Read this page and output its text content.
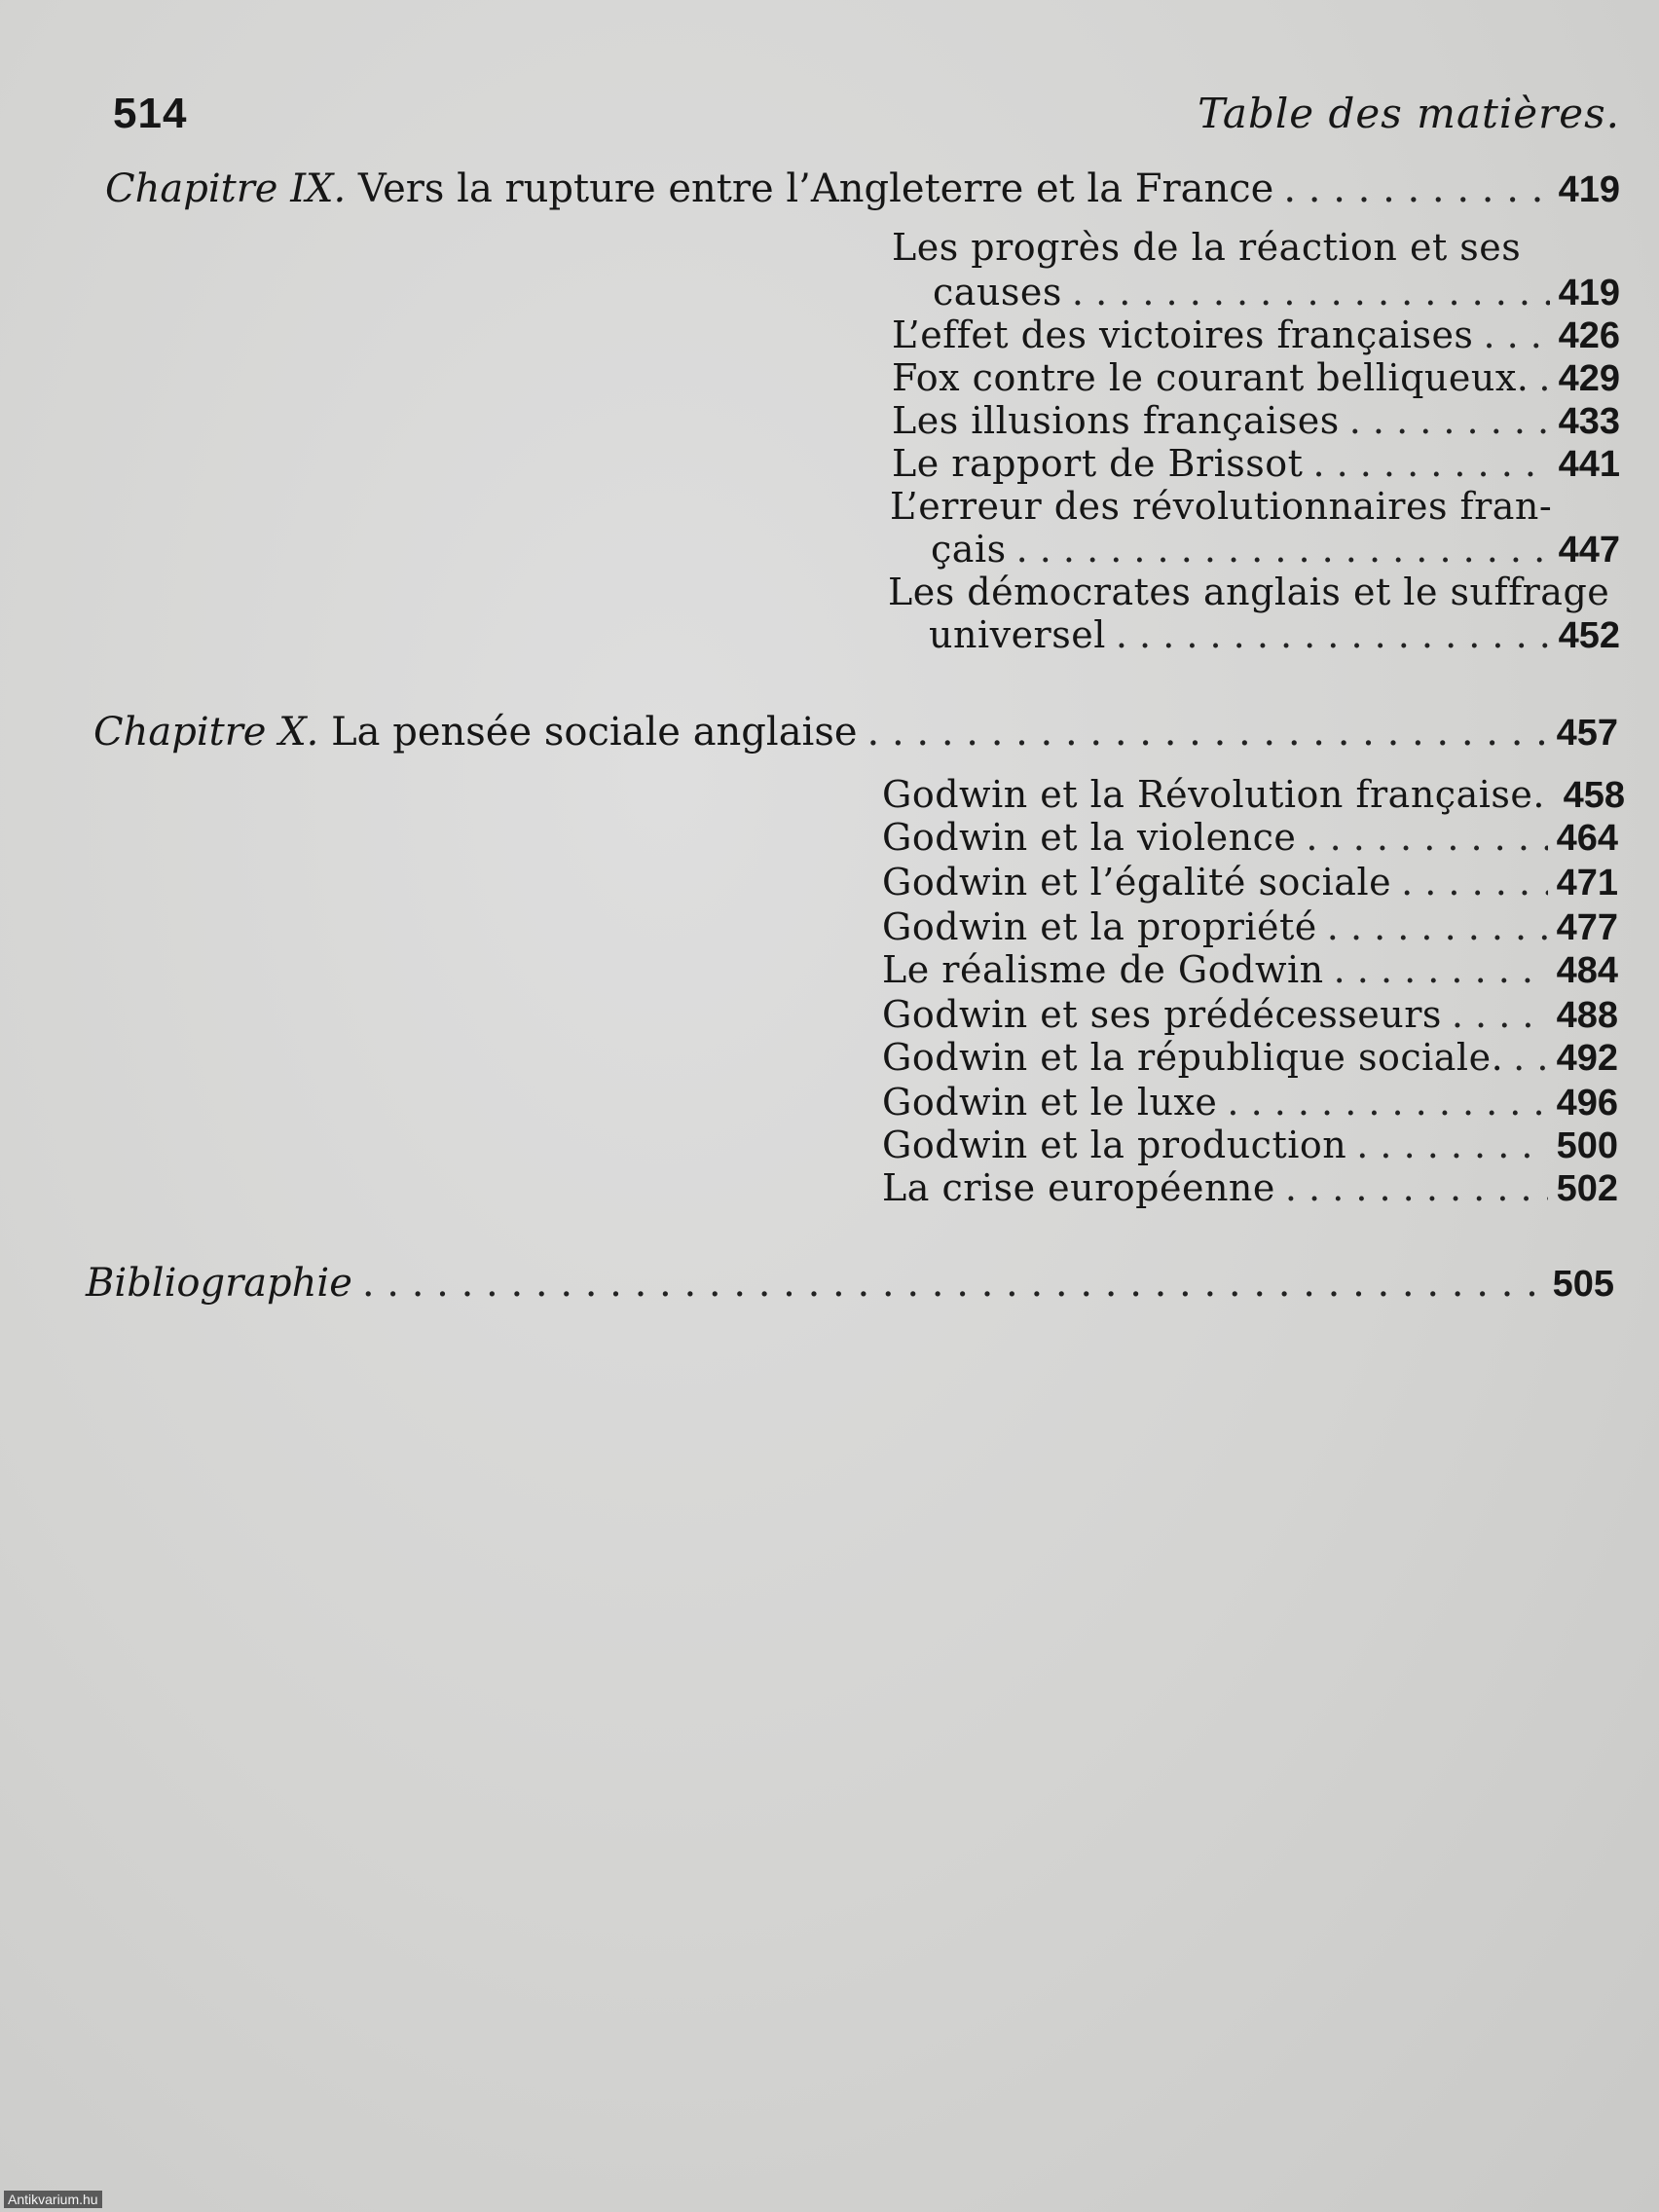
514	Table des matières.
Chapitre IX. Vers la rupture entre l’Angleterre et la France . . .	419
Les progrès de la réaction et ses
causes . . .	419
L’effet des victoires françaises . . . 426
Fox contre le courant belliqueux. . . . 429
Les illusions françaises . . .	433
Le rapport de Brissot . . .	441
L’erreur des révolutionnaires fran-
çais . . .	447
Les démocrates anglais et le suffrage
universel . . .	452
Chapitre X. La pensée sociale anglaise . . .	457
Godwin et la Révolution française. 458
Godwin et la violence . . .	464
Godwin et l’égalité sociale . . .	471
Godwin et la propriété . . .	477
Le réalisme de Godwin . . .	484
Godwin et ses prédécesseurs . . .	488
Godwin et la république sociale. . . . 492
Godwin et le luxe . . .	496
Godwin et la production . . .	500
La crise européenne . . .	502
Bibliographie . . .	505
Antikvarium.hu
